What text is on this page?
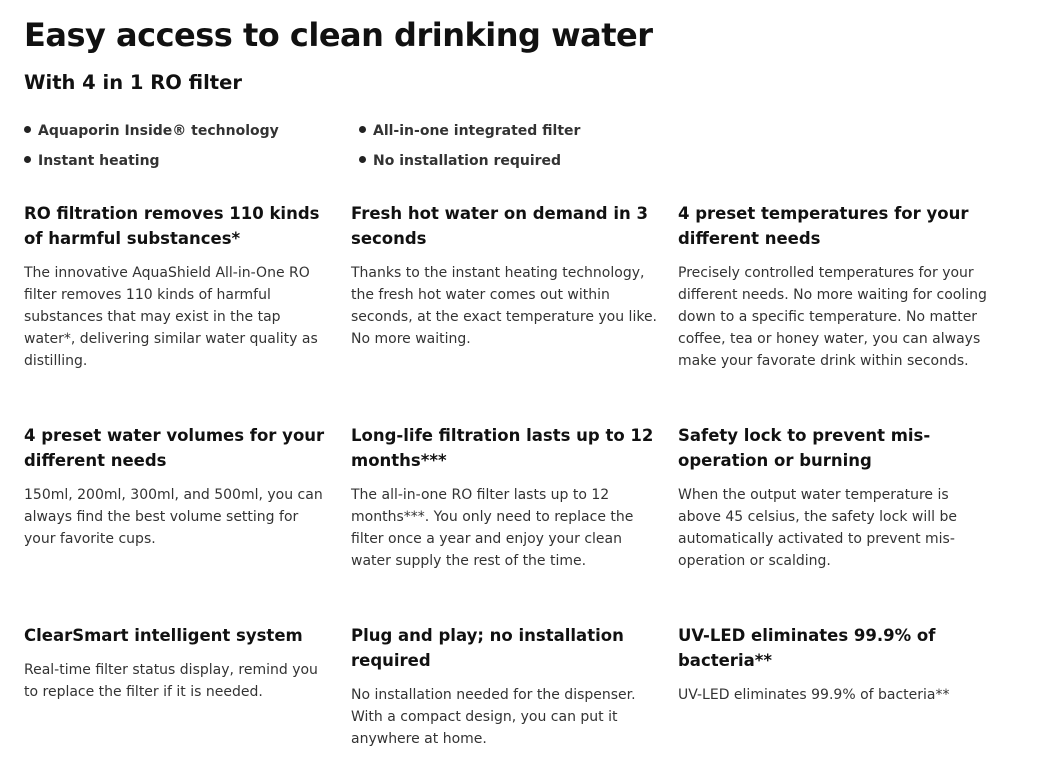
Easy access to clean drinking water
With 4 in 1 RO filter
Aquaporin Inside® technology	All-in-one integrated filter
Instant heating	No installation required
RO filtration removes 110 kinds of harmful substances*

The innovative AquaShield All-in-One RO filter removes 110 kinds of harmful substances that may exist in the tap water*, delivering similar water quality as distilling.

Fresh hot water on demand in 3 seconds

Thanks to the instant heating technology, the fresh hot water comes out within seconds, at the exact temperature you like. No more waiting.

4 preset temperatures for your different needs

Precisely controlled temperatures for your different needs. No more waiting for cooling down to a specific temperature. No matter coffee, tea or honey water, you can always make your favorate drink within seconds.

4 preset water volumes for your different needs

150ml, 200ml, 300ml, and 500ml, you can always find the best volume setting for your favorite cups.

Long-life filtration lasts up to 12 months***

The all-in-one RO filter lasts up to 12 months***. You only need to replace the filter once a year and enjoy your clean water supply the rest of the time.

Safety lock to prevent mis-operation or burning

When the output water temperature is above 45 celsius, the safety lock will be automatically activated to prevent mis-operation or scalding.

ClearSmart intelligent system

Real-time filter status display, remind you to replace the filter if it is needed.

Plug and play; no installation required

No installation needed for the dispenser. With a compact design, you can put it anywhere at home.

UV-LED eliminates 99.9% of bacteria**

UV-LED eliminates 99.9% of bacteria**
